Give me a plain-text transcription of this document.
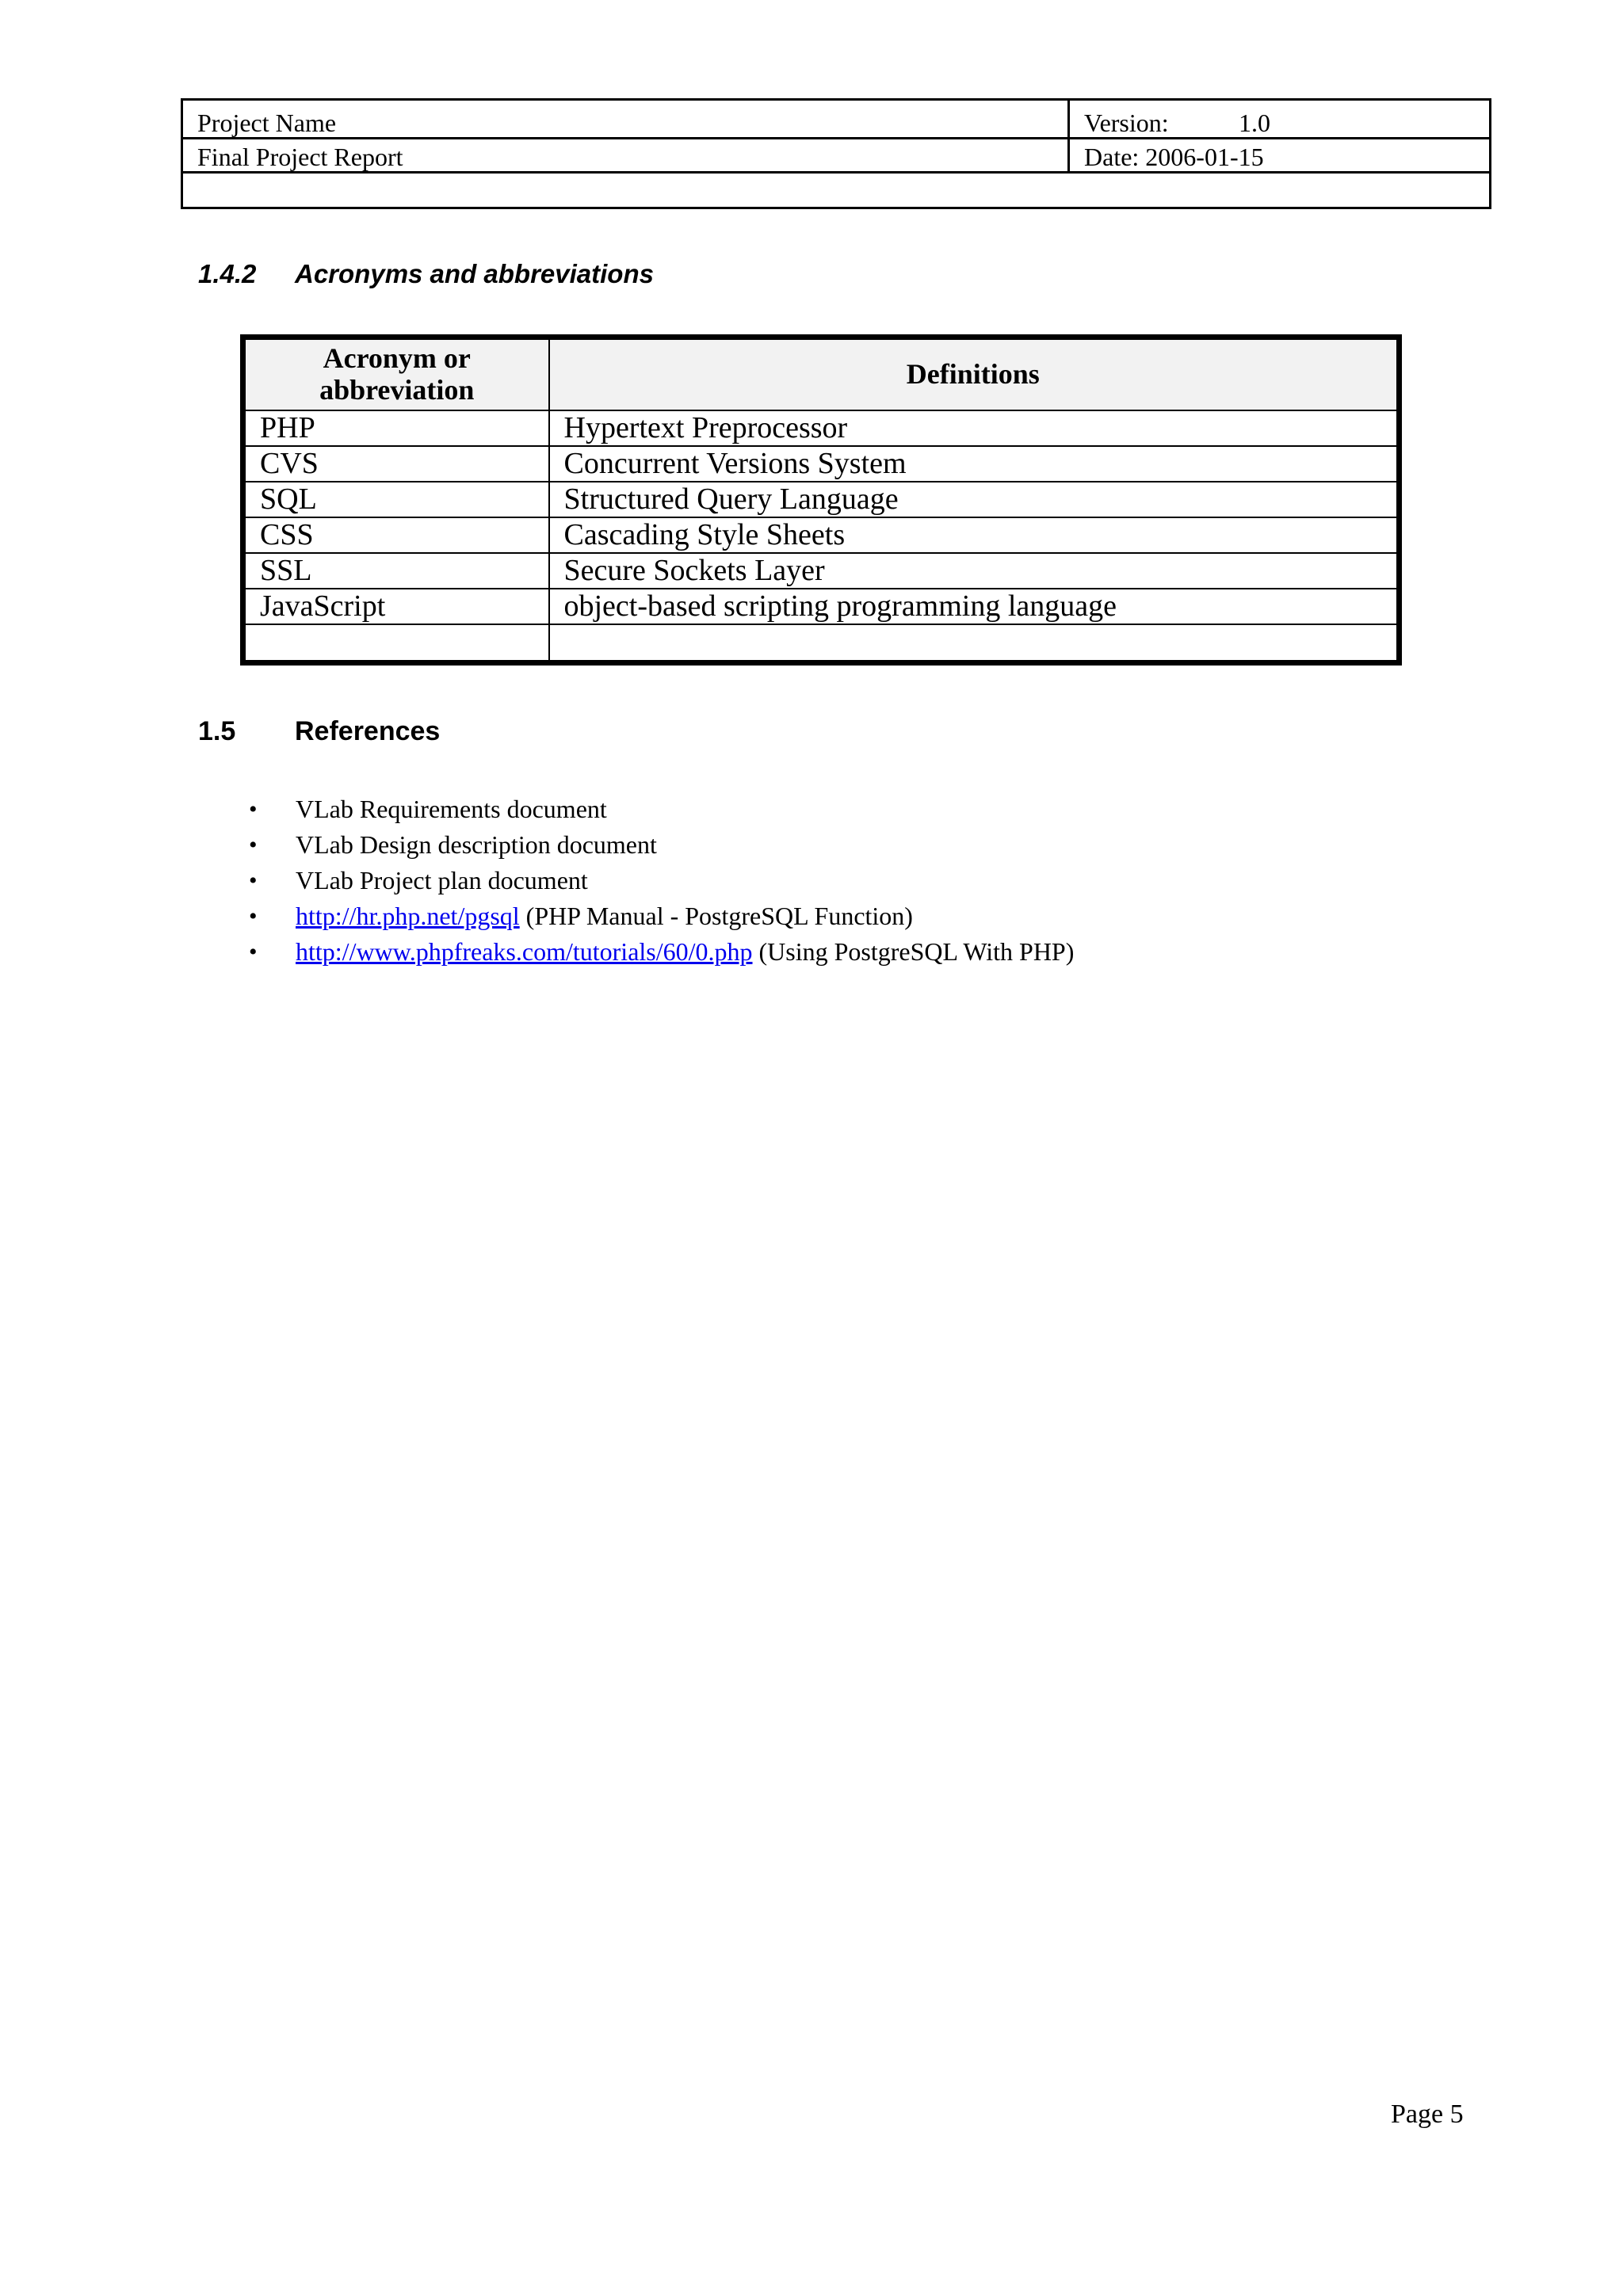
Project Name	Version: 1.0

Final Project Report	Date: 2006-01-15

1.4.2	Acronyms and abbreviations
Acronym or abbreviation	Definitions
PHP	Hypertext Preprocessor
CVS	Concurrent Versions System
SQL	Structured Query Language
CSS	Cascading Style Sheets
SSL	Secure Sockets Layer
JavaScript	object-based scripting programming language

1.5	References
•	VLab Requirements document
•	VLab Design description document
•	VLab Project plan document
•	http://hr.php.net/pgsql (PHP Manual - PostgreSQL Function)
•	http://www.phpfreaks.com/tutorials/60/0.php (Using PostgreSQL With PHP)
Page 5
